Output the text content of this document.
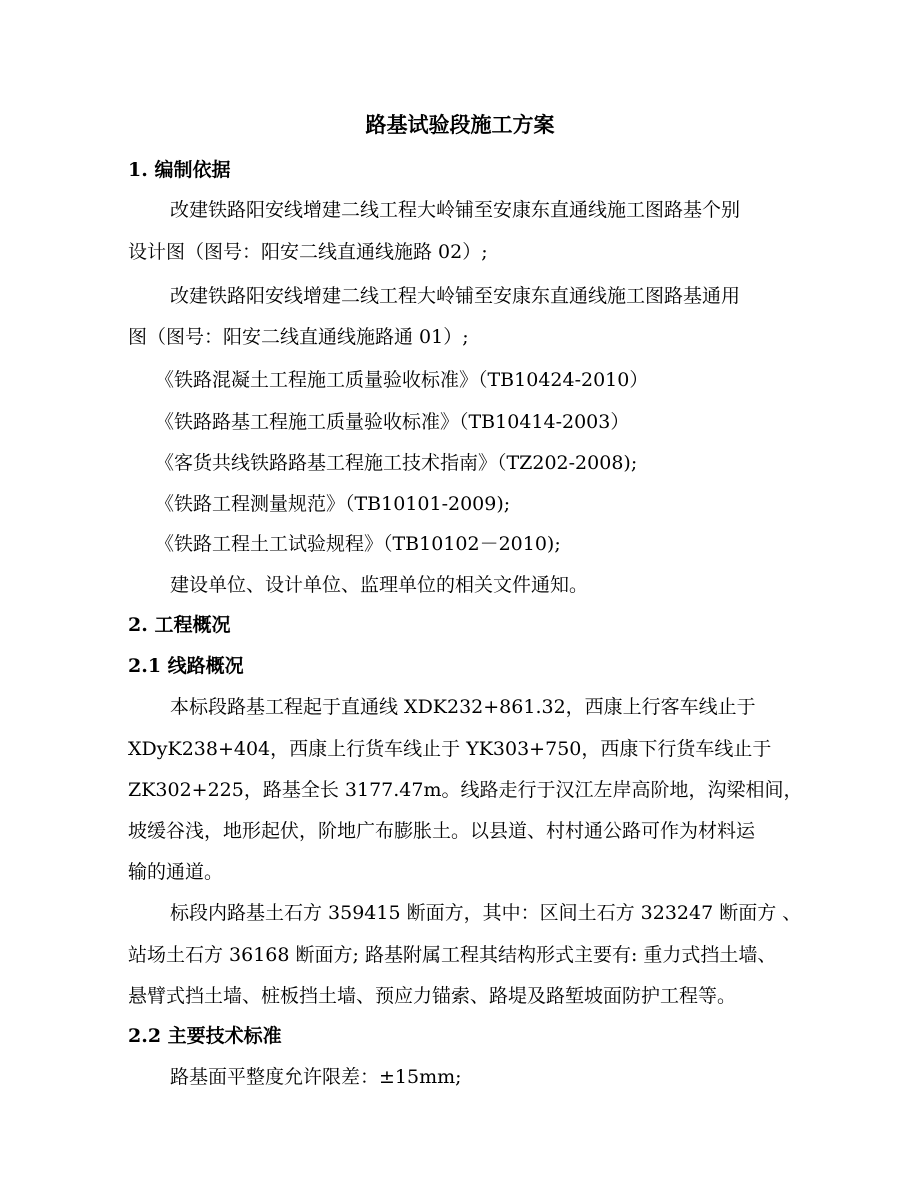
路基试验段施工方案

1. 编制依据

改建铁路阳安线增建二线工程大岭铺至安康东直通线施工图路基个别

设计图（图号：阳安二线直通线施路 02）;

改建铁路阳安线增建二线工程大岭铺至安康东直通线施工图路基通用

图（图号：阳安二线直通线施路通 01）;

《铁路混凝土工程施工质量验收标准》（TB10424-2010）

《铁路路基工程施工质量验收标准》（TB10414-2003）

《客货共线铁路路基工程施工技术指南》（TZ202-2008);

《铁路工程测量规范》（TB10101-2009);

《铁路工程土工试验规程》（TB10102－2010);

建设单位、设计单位、监理单位的相关文件通知。

2. 工程概况

2.1 线路概况

本标段路基工程起于直通线 XDK232+861.32，西康上行客车线止于

XDyK238+404，西康上行货车线止于 YK303+750，西康下行货车线止于

ZK302+225，路基全长 3177.47m。线路走行于汉江左岸高阶地，沟梁相间，

坡缓谷浅，地形起伏，阶地广布膨胀土。以县道、村村通公路可作为材料运

输的通道。

标段内路基土石方 359415 断面方，其中：区间土石方 323247 断面方 、

站场土石方 36168 断面方; 路基附属工程其结构形式主要有: 重力式挡土墙、

悬臂式挡土墙、桩板挡土墙、预应力锚索、路堤及路堑坡面防护工程等。

2.2 主要技术标准

路基面平整度允许限差：±15mm;
